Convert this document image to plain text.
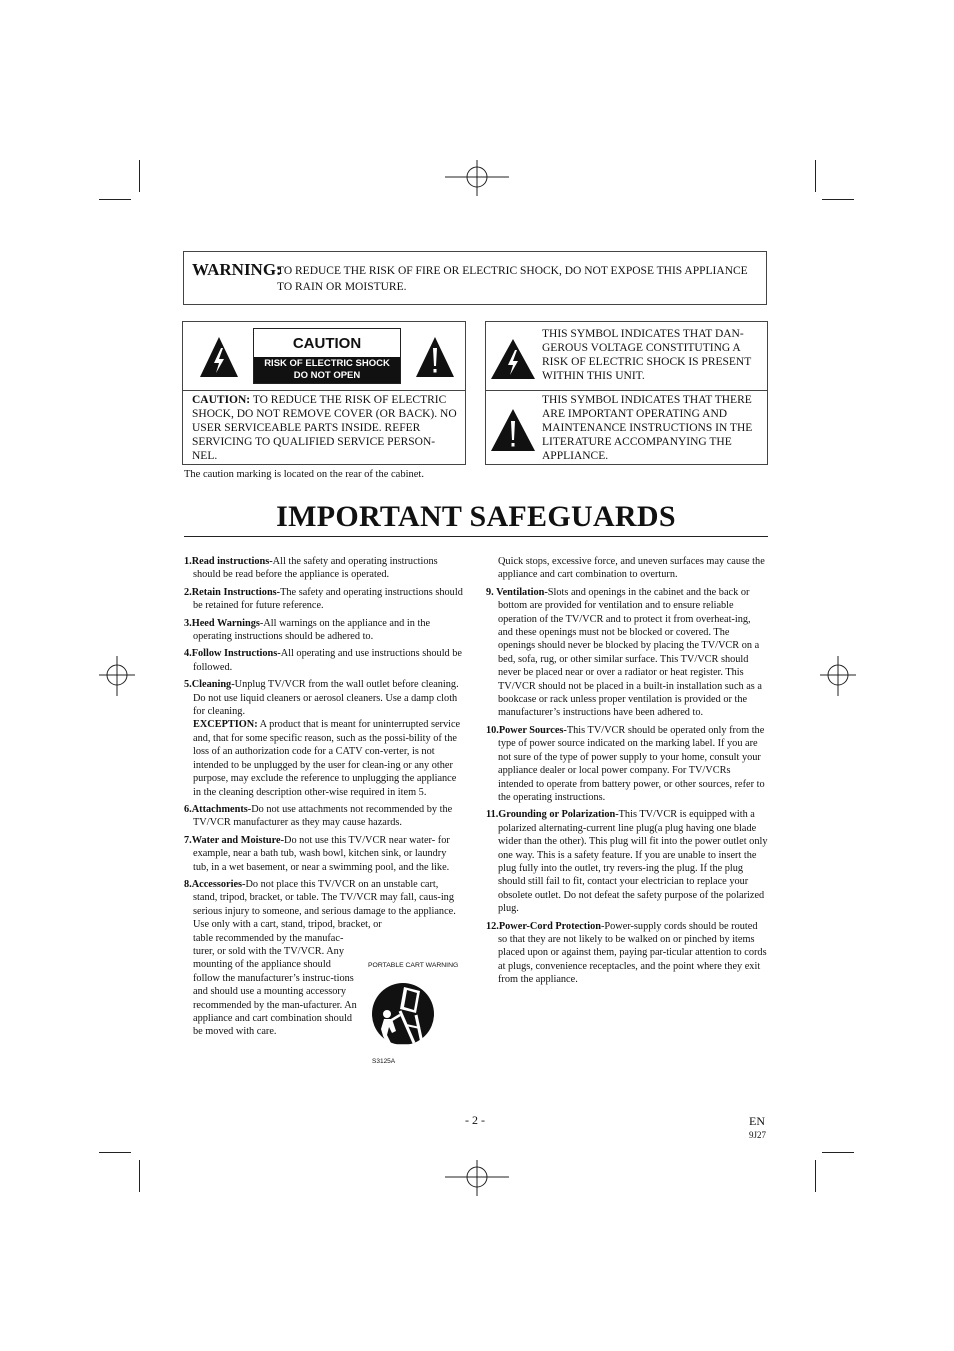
WARNING:
TO REDUCE THE RISK OF FIRE OR ELECTRIC SHOCK, DO NOT EXPOSE THIS APPLIANCE TO RAIN OR MOISTURE.
CAUTION
RISK OF ELECTRIC SHOCK
DO NOT OPEN
CAUTION: TO REDUCE THE RISK OF ELECTRIC SHOCK, DO NOT REMOVE COVER (OR BACK). NO USER SERVICEABLE PARTS INSIDE. REFER SERVICING TO QUALIFIED SERVICE PERSON-NEL.
THIS SYMBOL INDICATES THAT DAN-GEROUS VOLTAGE CONSTITUTING A RISK OF ELECTRIC SHOCK IS PRESENT WITHIN THIS UNIT.
THIS SYMBOL INDICATES THAT THERE ARE IMPORTANT OPERATING AND MAINTENANCE INSTRUCTIONS IN THE LITERATURE ACCOMPANYING THE APPLIANCE.
The caution marking is located on the rear of the cabinet.
IMPORTANT SAFEGUARDS
1.Read instructions-All the safety and operating instructions should be read before the appliance is operated.
2.Retain Instructions-The safety and operating instructions should be retained for future reference.
3.Heed Warnings-All warnings on the appliance and in the operating instructions should be adhered to.
4.Follow Instructions-All operating and use instructions should be followed.
5.Cleaning-Unplug TV/VCR from the wall outlet before cleaning. Do not use liquid cleaners or aerosol cleaners. Use a damp cloth for cleaning.
EXCEPTION: A product that is meant for uninterrupted service and, that for some specific reason, such as the possi-bility of the loss of an authorization code for a CATV con-verter, is not intended to be unplugged by the user for clean-ing or any other purpose, may exclude the reference to unplugging the appliance in the cleaning description other-wise required in item 5.
6.Attachments-Do not use attachments not recommended by the TV/VCR manufacturer as they may cause hazards.
7.Water and Moisture-Do not use this TV/VCR near water- for example, near a bath tub, wash bowl, kitchen sink, or laundry tub, in a wet basement, or near a swimming pool, and the like.
8.Accessories-Do not place this TV/VCR on an unstable cart, stand, tripod, bracket, or table. The TV/VCR may fall, caus-ing serious injury to someone, and serious damage to the appliance. Use only with a cart, stand, tripod, bracket, or
table recommended by the manufac-turer, or sold with the TV/VCR. Any mounting of the appliance should follow the manufacturer’s instruc-tions and should use a mounting accessory recommended by the man-ufacturer. An appliance and cart combination should be moved with care.
PORTABLE CART WARNING
S3125A
Quick stops, excessive force, and uneven surfaces may cause the appliance and cart combination to overturn.
9. Ventilation-Slots and openings in the cabinet and the back or bottom are provided for ventilation and to ensure reliable operation of the TV/VCR and to protect it from overheat-ing, and these openings must not be blocked or covered. The openings should never be blocked by placing the TV/VCR on a bed, sofa, rug, or other similar surface. This TV/VCR should never be placed near or over a radiator or heat register. This TV/VCR should not be placed in a built-in installation such as a bookcase or rack unless proper ventilation is provided or the manufacturer’s instructions have been adhered to.
10.Power Sources-This TV/VCR should be operated only from the type of power source indicated on the marking label. If you are not sure of the type of power supply to your home, consult your appliance dealer or local power company. For TV/VCRs intended to operate from battery power, or other sources, refer to the operating instructions.
11.Grounding or Polarization-This TV/VCR is equipped with a polarized alternating-current line plug(a plug having one blade wider than the other). This plug will fit into the power outlet only one way. This is a safety feature. If you are unable to insert the plug fully into the outlet, try revers-ing the plug. If the plug should still fail to fit, contact your electrician to replace your obsolete outlet. Do not defeat the safety purpose of the polarized plug.
12.Power-Cord Protection-Power-supply cords should be routed so that they are not likely to be walked on or pinched by items placed upon or against them, paying par-ticular attention to cords at plugs, convenience receptacles, and the point where they exit from the appliance.
- 2 -	EN
9J27
